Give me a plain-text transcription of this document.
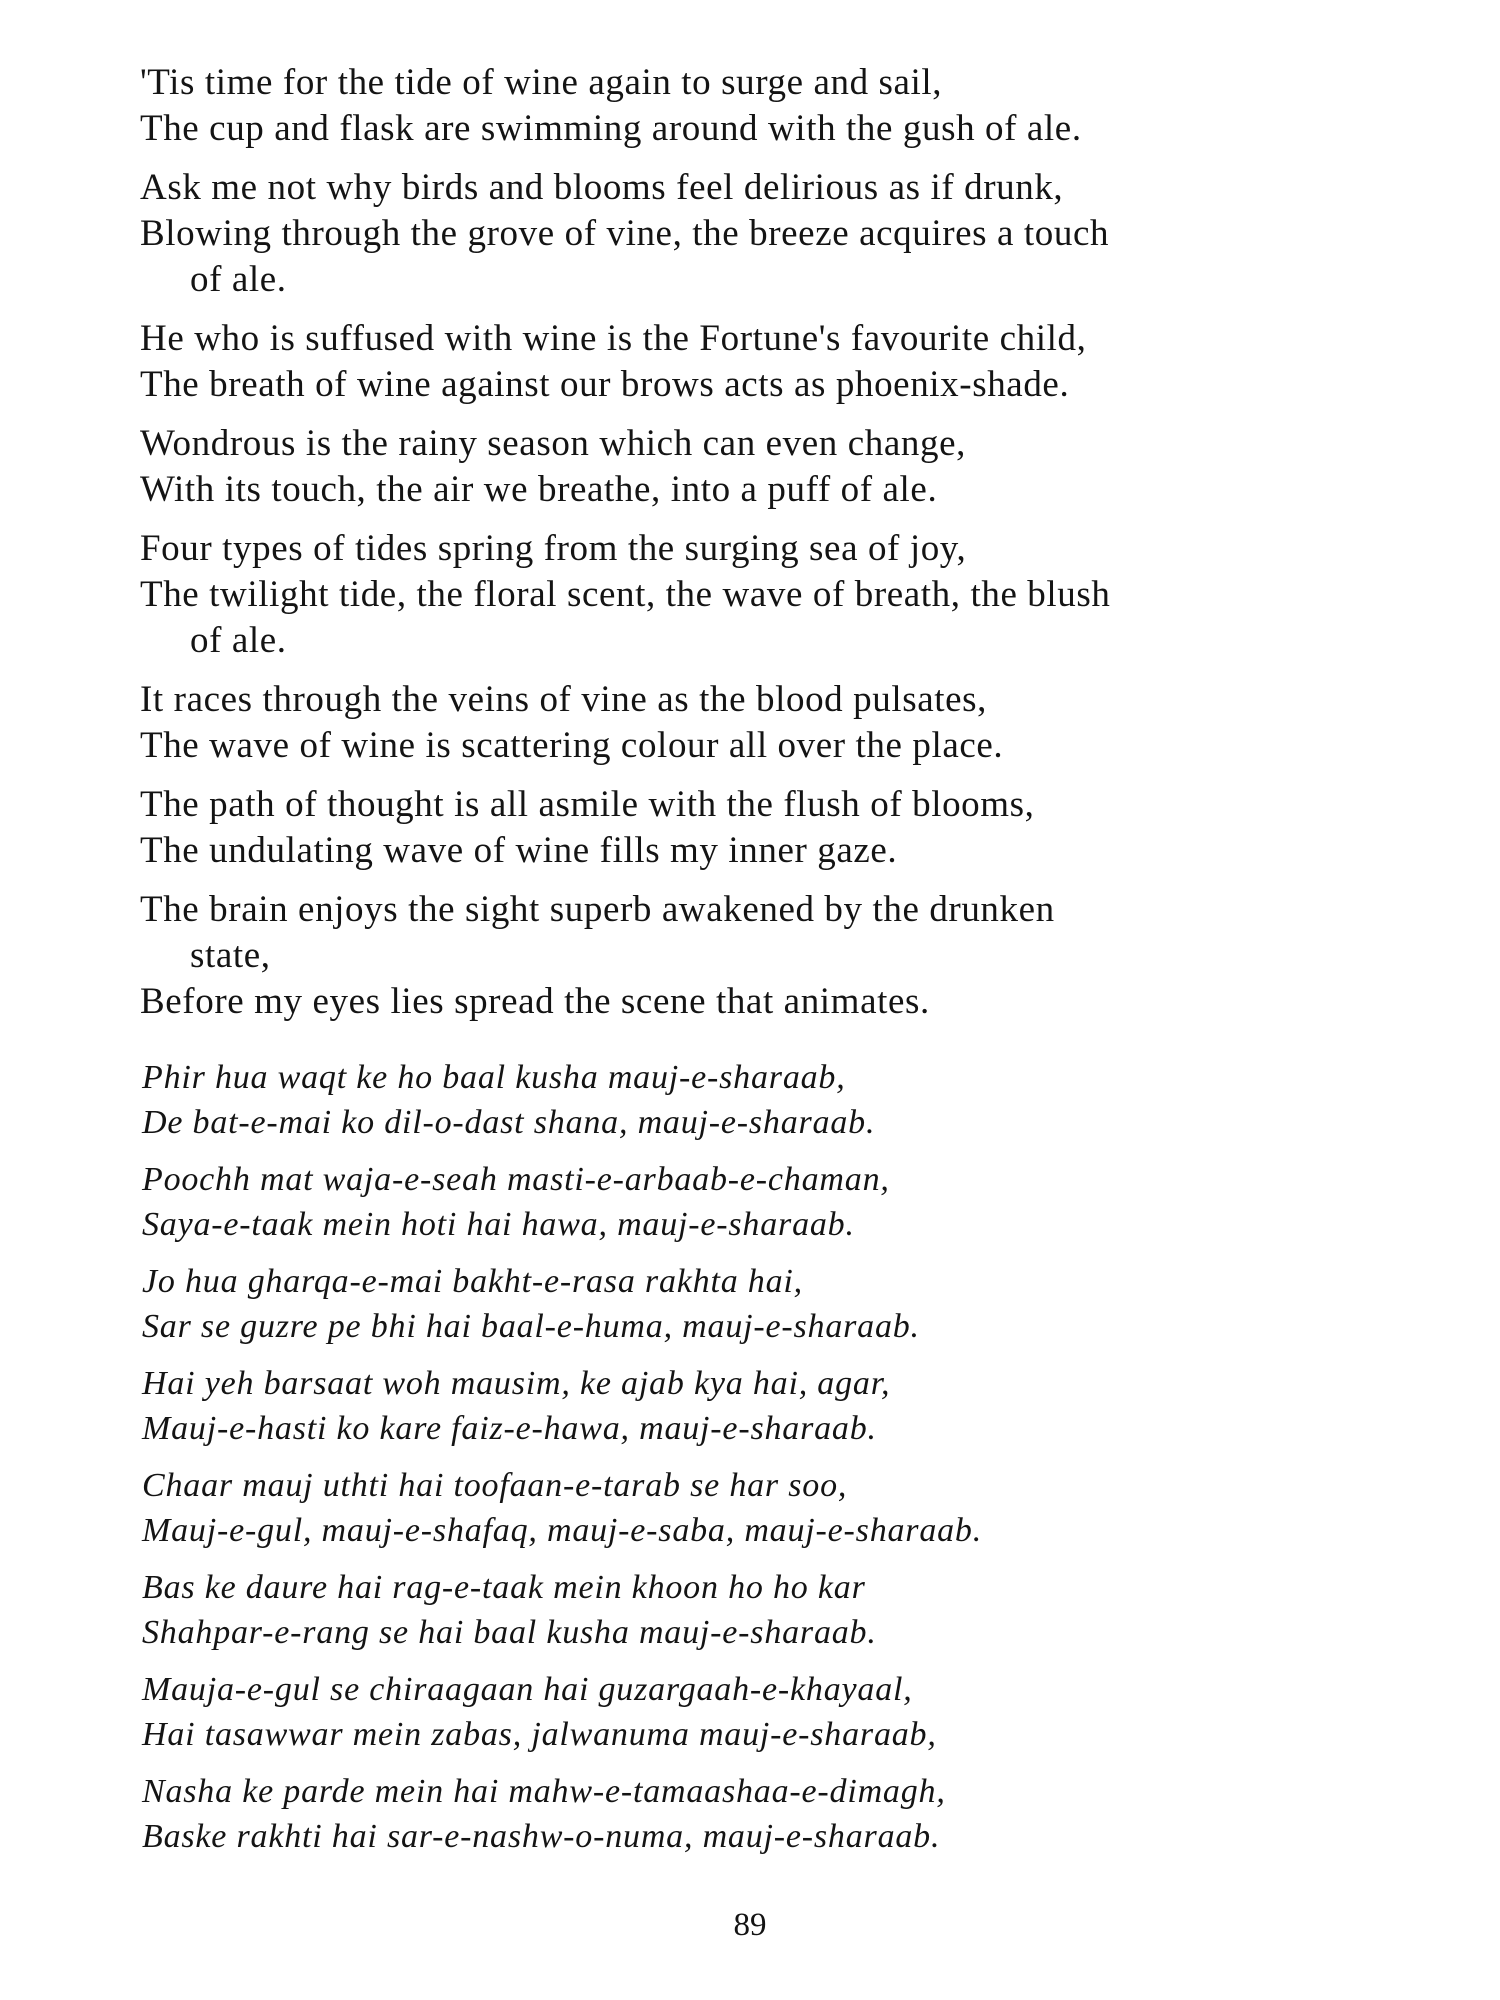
'Tis time for the tide of wine again to surge and sail,
The cup and flask are swimming around with the gush of ale.
Ask me not why birds and blooms feel delirious as if drunk,
Blowing through the grove of vine, the breeze acquires a touch
of ale.
He who is suffused with wine is the Fortune's favourite child,
The breath of wine against our brows acts as phoenix-shade.
Wondrous is the rainy season which can even change,
With its touch, the air we breathe, into a puff of ale.
Four types of tides spring from the surging sea of joy,
The twilight tide, the floral scent, the wave of breath, the blush
of ale.
It races through the veins of vine as the blood pulsates,
The wave of wine is scattering colour all over the place.
The path of thought is all asmile with the flush of blooms,
The undulating wave of wine fills my inner gaze.
The brain enjoys the sight superb awakened by the drunken
state,
Before my eyes lies spread the scene that animates.
Phir hua waqt ke ho baal kusha mauj-e-sharaab,
De bat-e-mai ko dil-o-dast shana, mauj-e-sharaab.
Poochh mat waja-e-seah masti-e-arbaab-e-chaman,
Saya-e-taak mein hoti hai hawa, mauj-e-sharaab.
Jo hua gharqa-e-mai bakht-e-rasa rakhta hai,
Sar se guzre pe bhi hai baal-e-huma, mauj-e-sharaab.
Hai yeh barsaat woh mausim, ke ajab kya hai, agar,
Mauj-e-hasti ko kare faiz-e-hawa, mauj-e-sharaab.
Chaar mauj uthti hai toofaan-e-tarab se har soo,
Mauj-e-gul, mauj-e-shafaq, mauj-e-saba, mauj-e-sharaab.
Bas ke daure hai rag-e-taak mein khoon ho ho kar
Shahpar-e-rang se hai baal kusha mauj-e-sharaab.
Mauja-e-gul se chiraagaan hai guzargaah-e-khayaal,
Hai tasawwar mein zabas, jalwanuma mauj-e-sharaab,
Nasha ke parde mein hai mahw-e-tamaashaa-e-dimagh,
Baske rakhti hai sar-e-nashw-o-numa, mauj-e-sharaab.
89
